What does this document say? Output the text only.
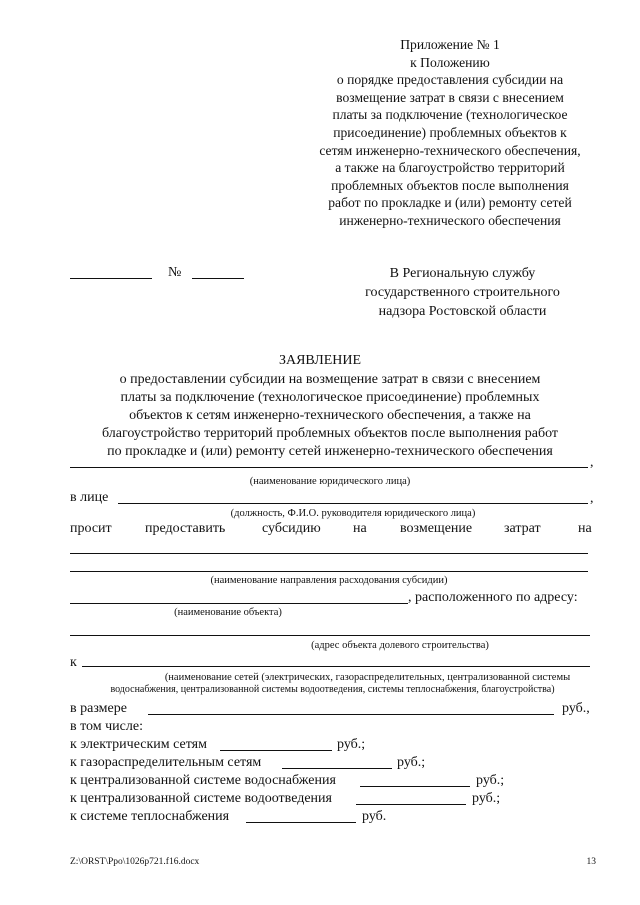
Приложение № 1
к Положению
о порядке предоставления субсидии на
возмещение затрат в связи с внесением
платы за подключение (технологическое
присоединение) проблемных объектов к
сетям инженерно-технического обеспечения,
а также на благоустройство территорий
проблемных объектов после выполнения
работ по прокладке и (или) ремонту сетей
инженерно-технического обеспечения
№	В Региональную службу
государственного строительного
надзора Ростовской области
ЗАЯВЛЕНИЕ
о предоставлении субсидии на возмещение затрат в связи с внесением
платы за подключение (технологическое присоединение) проблемных
объектов к сетям инженерно-технического обеспечения, а также на
благоустройство территорий проблемных объектов после выполнения работ
по прокладке и (или) ремонту сетей инженерно-технического обеспечения
,
(наименование юридического лица)
в лице	,
(должность, Ф.И.О. руководителя юридического лица)
просит предоставить	субсидию на возмещение затрат	на
(наименование направления расходования субсидии)
, расположенного по адресу:
(наименование объекта)
(адрес объекта долевого строительства)
к
(наименование сетей (электрических, газораспределительных, централизованной системы
водоснабжения, централизованной системы водоотведения, системы теплоснабжения, благоустройства)
в размере	руб.,
в том числе:
к электрическим сетям	руб.;
к газораспределительным сетям	руб.;
к централизованной системе водоснабжения	руб.;
к централизованной системе водоотведения	руб.;
к системе теплоснабжения	руб.
Z:\ORST\Ppo\1026p721.f16.docx	13
